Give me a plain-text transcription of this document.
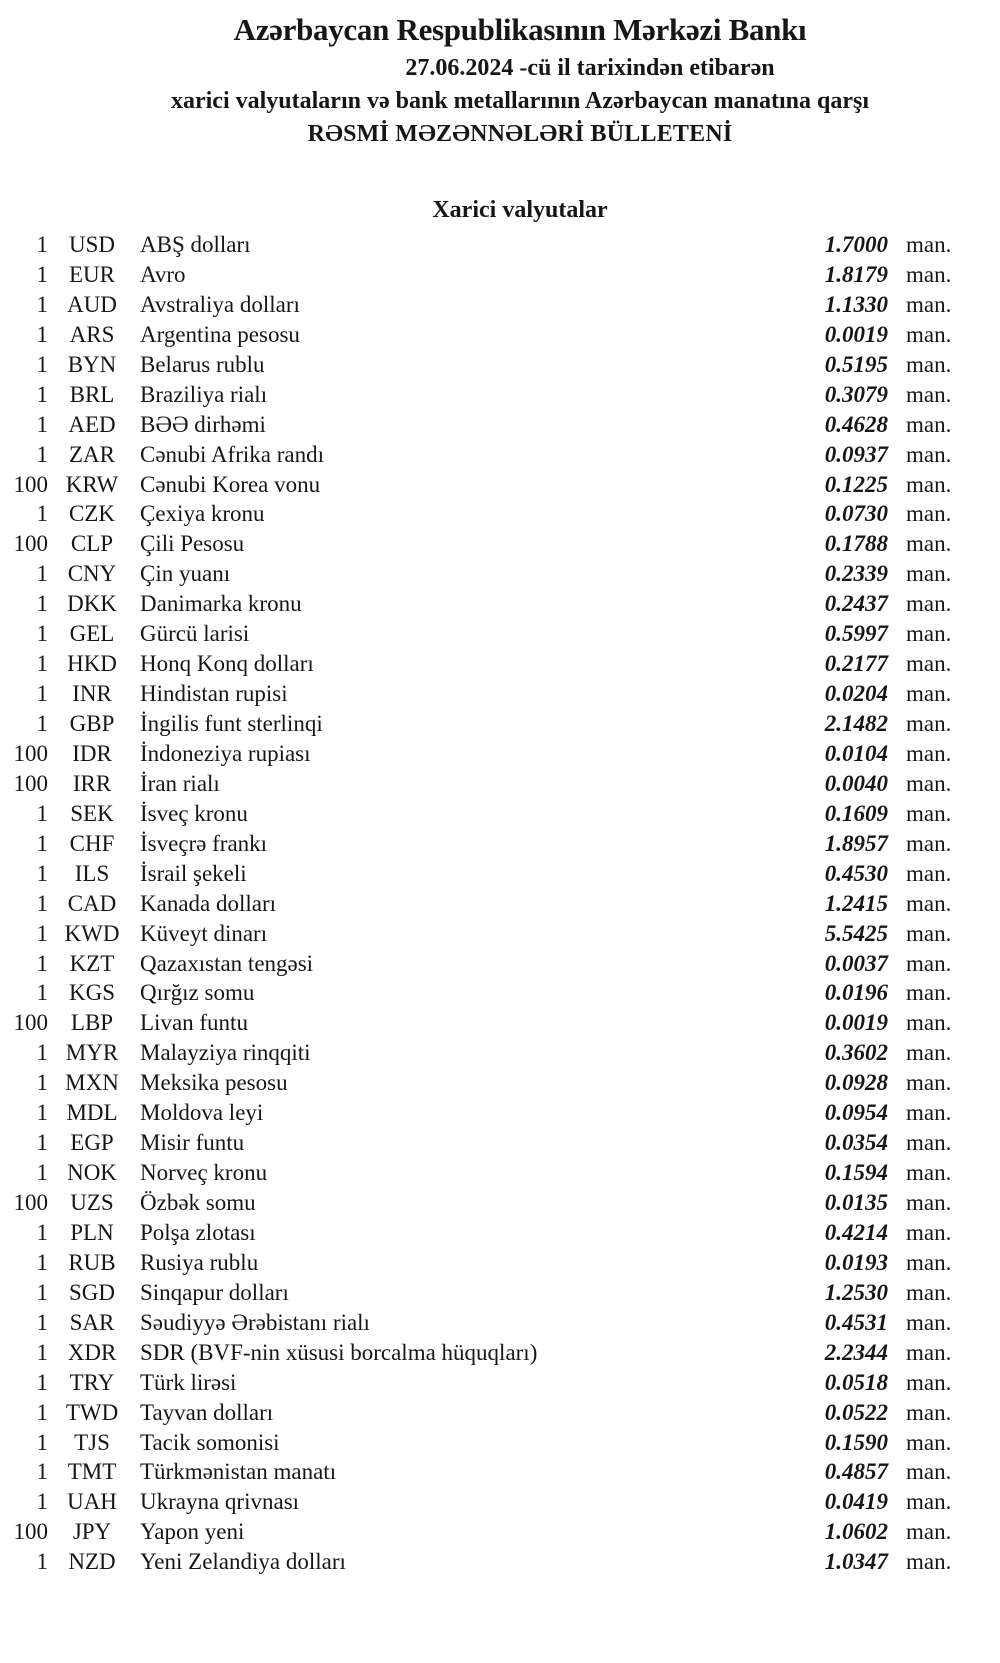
Azərbaycan Respublikasının Mərkəzi Bankı
27.06.2024 -cü il tarixindən etibarən
xarici valyutaların və bank metallarının Azərbaycan manatına qarşı
RƏSMİ MƏZƏNNƏLƏRİ BÜLLETENİ
Xarici valyutalar
1 USD	ABŞ dolları	1.7000 man.
1 EUR	Avro	1.8179 man.
1 AUD	Avstraliya dolları	1.1330 man.
1 ARS	Argentina pesosu	0.0019 man.
1 BYN	Belarus rublu	0.5195 man.
1 BRL	Braziliya rialı	0.3079 man.
1 AED	BƏƏ dirhəmi	0.4628 man.
1 ZAR	Cənubi Afrika randı	0.0937 man.
100 KRW Cənubi Korea vonu	0.1225 man.
1 CZK	Çexiya kronu	0.0730 man.
100 CLP	Çili Pesosu	0.1788 man.
1 CNY	Çin yuanı	0.2339 man.
1 DKK	Danimarka kronu	0.2437 man.
1 GEL	Gürcü larisi	0.5997 man.
1 HKD	Honq Konq dolları	0.2177 man.
1	INR	Hindistan rupisi	0.0204 man.
1 GBP	İngilis funt sterlinqi	2.1482 man.
100	IDR	İndoneziya rupiası	0.0104 man.
100	IRR	İran rialı	0.0040 man.
1 SEK	İsveç kronu	0.1609 man.
1 CHF	İsveçrə frankı	1.8957 man.
1	ILS	İsrail şekeli	0.4530 man.
1 CAD	Kanada dolları	1.2415 man.
1 KWD Küveyt dinarı	5.5425 man.
1 KZT	Qazaxıstan tengəsi	0.0037 man.
1 KGS	Qırğız somu	0.0196 man.
100 LBP	Livan funtu	0.0019 man.
1 MYR Malayziya rinqqiti	0.3602 man.
1 MXN Meksika pesosu	0.0928 man.
1 MDL Moldova leyi	0.0954 man.
1 EGP	Misir funtu	0.0354 man.
1 NOK	Norveç kronu	0.1594 man.
100 UZS	Özbək somu	0.0135 man.
1 PLN	Polşa zlotası	0.4214 man.
1 RUB	Rusiya rublu	0.0193 man.
1 SGD	Sinqapur dolları	1.2530 man.
1 SAR	Səudiyyə Ərəbistanı rialı	0.4531 man.
1 XDR	SDR (BVF-nin xüsusi borcalma hüquqları)	2.2344 man.
1 TRY	Türk lirəsi	0.0518 man.
1 TWD Tayvan dolları	0.0522 man.
1	TJS	Tacik somonisi	0.1590 man.
1 TMT	Türkmənistan manatı	0.4857 man.
1 UAH	Ukrayna qrivnası	0.0419 man.
100	JPY	Yapon yeni	1.0602 man.
1 NZD	Yeni Zelandiya dolları	1.0347 man.
